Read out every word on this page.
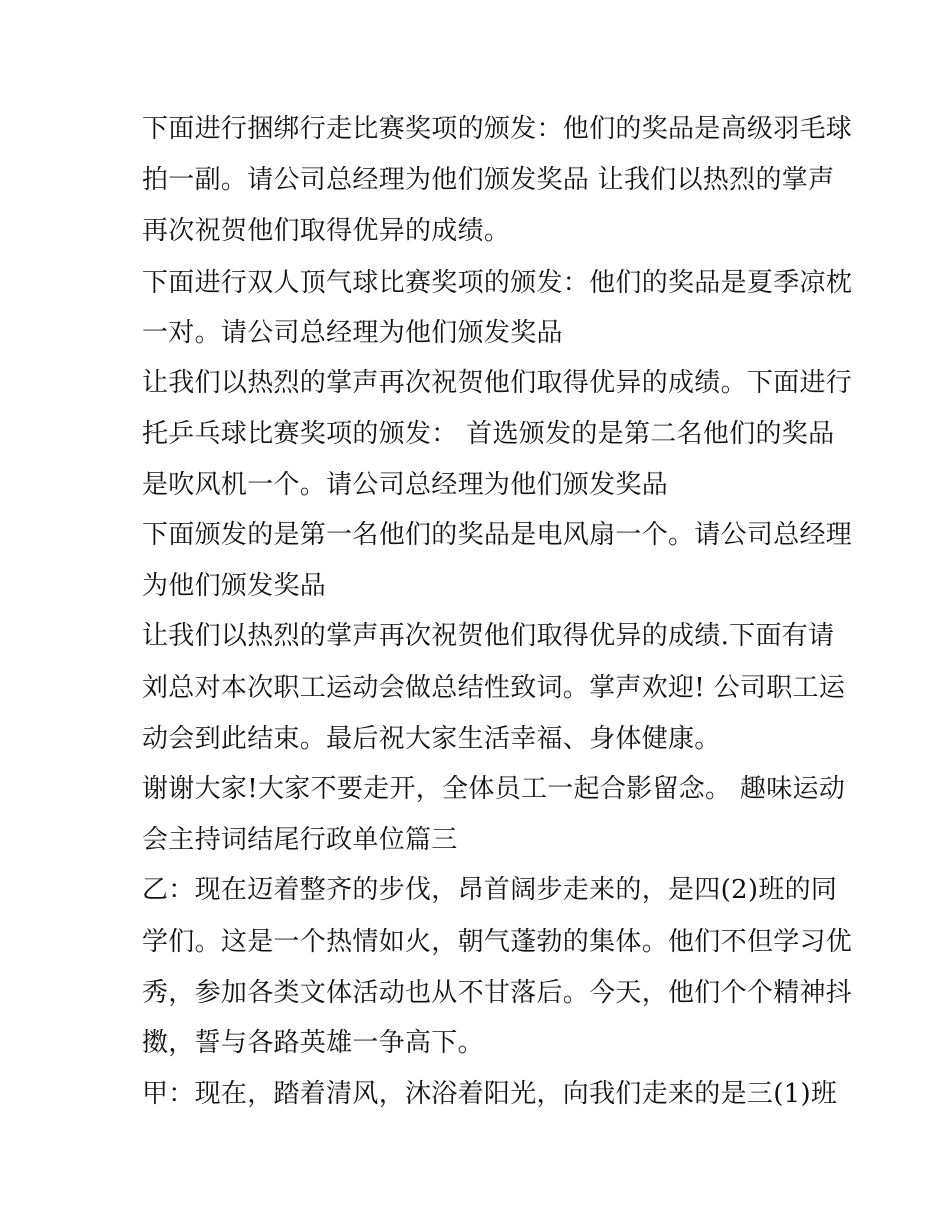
下面进行捆绑行走比赛奖项的颁发：他们的奖品是高级羽毛球
拍一副。请公司总经理为他们颁发奖品 让我们以热烈的掌声
再次祝贺他们取得优异的成绩。
下面进行双人顶气球比赛奖项的颁发：他们的奖品是夏季凉枕
一对。请公司总经理为他们颁发奖品
让我们以热烈的掌声再次祝贺他们取得优异的成绩。下面进行
托乒乓球比赛奖项的颁发： 首选颁发的是第二名他们的奖品
是吹风机一个。请公司总经理为他们颁发奖品
下面颁发的是第一名他们的奖品是电风扇一个。请公司总经理
为他们颁发奖品
让我们以热烈的掌声再次祝贺他们取得优异的成绩.下面有请
刘总对本次职工运动会做总结性致词。掌声欢迎! 公司职工运
动会到此结束。最后祝大家生活幸福、身体健康。
谢谢大家!大家不要走开，全体员工一起合影留念。 趣味运动
会主持词结尾行政单位篇三
乙：现在迈着整齐的步伐，昂首阔步走来的，是四(2)班的同
学们。这是一个热情如火，朝气蓬勃的集体。他们不但学习优
秀，参加各类文体活动也从不甘落后。今天，他们个个精神抖
擞，誓与各路英雄一争高下。
甲：现在，踏着清风，沐浴着阳光，向我们走来的是三(1)班
